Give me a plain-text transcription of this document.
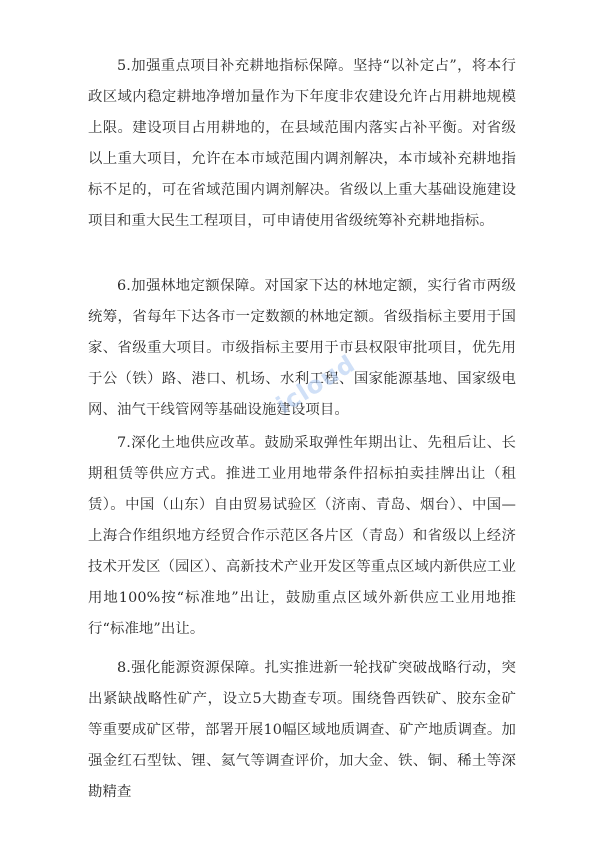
5.加强重点项目补充耕地指标保障。坚持“以补定占”，将本行政区域内稳定耕地净增加量作为下年度非农建设允许占用耕地规模上限。建设项目占用耕地的，在县域范围内落实占补平衡。对省级以上重大项目，允许在本市域范围内调剂解决，本市域补充耕地指标不足的，可在省域范围内调剂解决。省级以上重大基础设施建设项目和重大民生工程项目，可申请使用省级统筹补充耕地指标。

6.加强林地定额保障。对国家下达的林地定额，实行省市两级统筹，省每年下达各市一定数额的林地定额。省级指标主要用于国家、省级重大项目。市级指标主要用于市县权限审批项目，优先用于公（铁）路、港口、机场、水利工程、国家能源基地、国家级电网、油气干线管网等基础设施建设项目。

7.深化土地供应改革。鼓励采取弹性年期出让、先租后让、长期租赁等供应方式。推进工业用地带条件招标拍卖挂牌出让（租赁）。中国（山东）自由贸易试验区（济南、青岛、烟台）、中国—上海合作组织地方经贸合作示范区各片区（青岛）和省级以上经济技术开发区（园区）、高新技术产业开发区等重点区域内新供应工业用地100%按“标准地”出让，鼓励重点区域外新供应工业用地推行“标准地”出让。

8.强化能源资源保障。扎实推进新一轮找矿突破战略行动，突出紧缺战略性矿产，设立5大勘查专项。围绕鲁西铁矿、胶东金矿等重要成矿区带，部署开展10幅区域地质调查、矿产地质调查。加强金红石型钛、锂、氦气等调查评价，加大金、铁、铜、稀土等深勘精查

icloud
